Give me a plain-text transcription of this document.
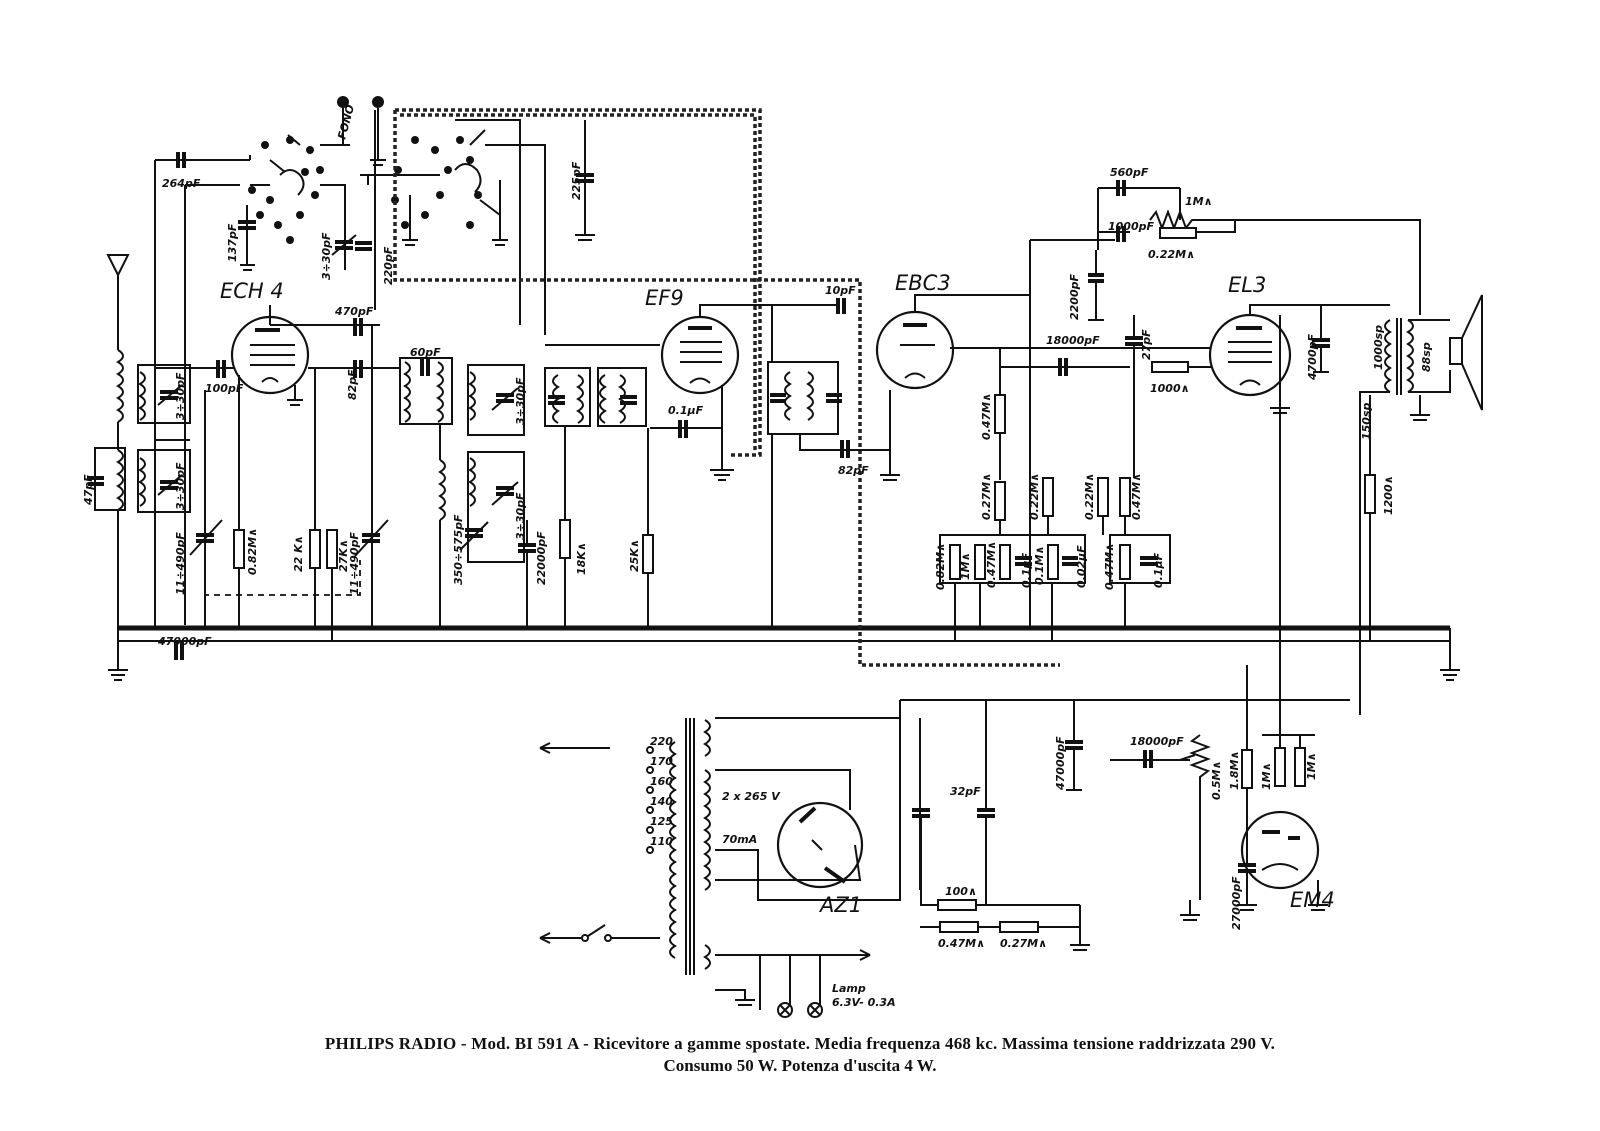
47pF
3÷30pF
3÷30pF
264pF
137pF
FONO
3÷30pF	220pF
225pF
ECH 4
470pF
100pF	82pF
11÷490pF	11÷490pF
0.82M∧	22 K∧	27K∧
60pF
3÷30pF
3÷30pF
350÷575pF
EF9
0.1µF
22000pF 18K∧	25K∧
10pF
82pF
EBC3
18000pF
0.47M∧
0.27M∧	0.22M∧	0.22M∧	0.47M∧
0.82M∧ 1M∧ 0.47M∧ 0.1µF 0.1M∧	0.02µF 0.47M∧	0.1µF
560pF
1M∧
1000pF
0.22M∧
2200pF	EL3
27pF
1000∧
4700pF	1000sp	88sp
150sp
1200∧
47000pF
220
170
160
140
125
110
2 x 265 V
70mA
AZ1
32pF
100∧
0.47M∧ 0.27M∧
47000pF
Lamp
6.3V- 0.3A
18000pF
0.5M∧ 1.8M∧ 1M∧	1M∧
EM4
27000pF
PHILIPS RADIO - Mod. BI 591 A - Ricevitore a gamme spostate. Media frequenza 468 kc. Massima tensione raddrizzata 290 V.
Consumo 50 W. Potenza d'uscita 4 W.
